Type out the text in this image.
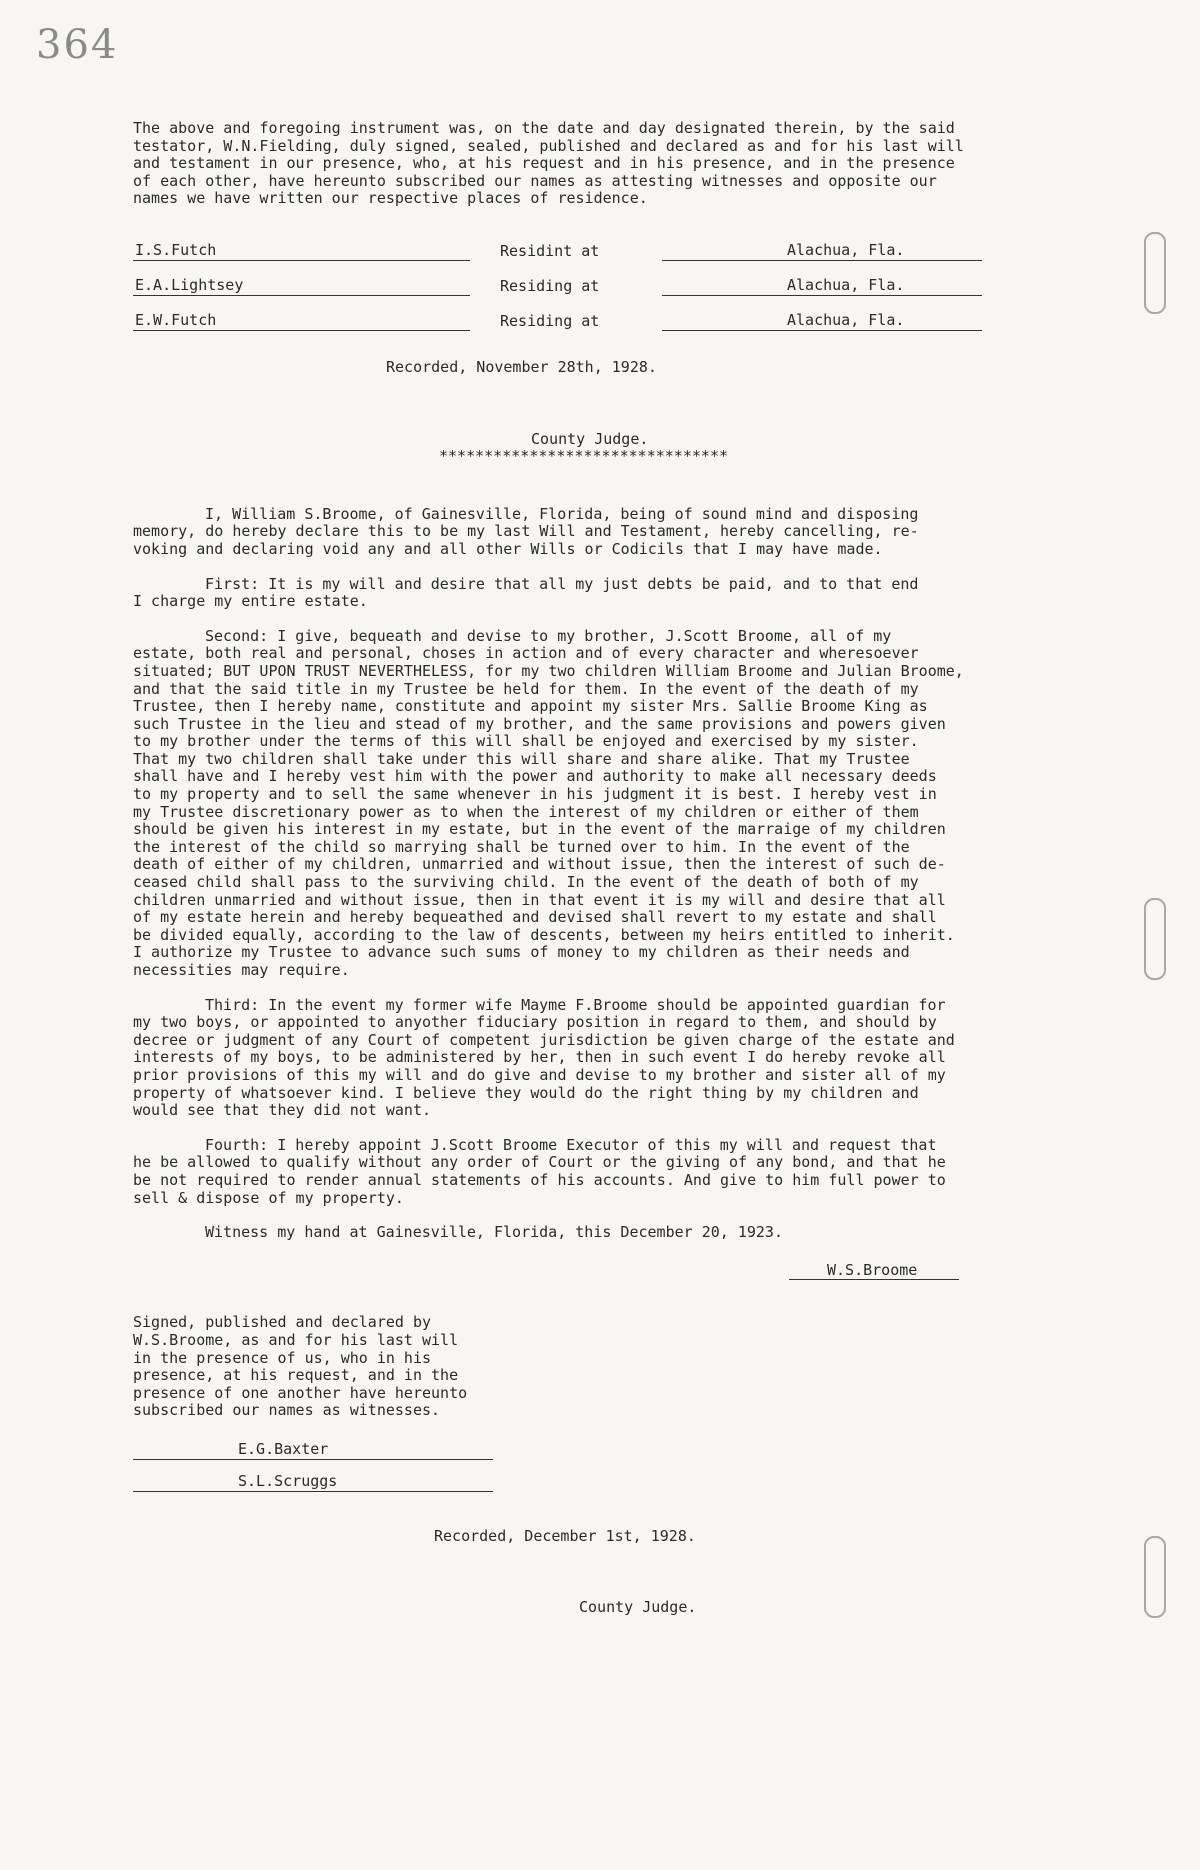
364

The above and foregoing instrument was, on the date and day designated therein, by the said
testator, W.N.Fielding, duly signed, sealed, published and declared as and for his last will
and testament in our presence, who, at his request and in his presence, and in the presence
of each other, have hereunto subscribed our names as attesting witnesses and opposite our
names we have written our respective places of residence.

I.S.Futch	Residint at	Alachua, Fla.
E.A.Lightsey	Residing at	Alachua, Fla.
E.W.Futch	Residing at	Alachua, Fla.

Recorded, November 28th, 1928.

County Judge.

********************************

I, William S.Broome, of Gainesville, Florida, being of sound mind and disposing
memory, do hereby declare this to be my last Will and Testament, hereby cancelling, re-
voking and declaring void any and all other Wills or Codicils that I may have made.

First: It is my will and desire that all my just debts be paid, and to that end
I charge my entire estate.

Second: I give, bequeath and devise to my brother, J.Scott Broome, all of my
estate, both real and personal, choses in action and of every character and wheresoever
situated; BUT UPON TRUST NEVERTHELESS, for my two children William Broome and Julian Broome,
and that the said title in my Trustee be held for them. In the event of the death of my
Trustee, then I hereby name, constitute and appoint my sister Mrs. Sallie Broome King as
such Trustee in the lieu and stead of my brother, and the same provisions and powers given
to my brother under the terms of this will shall be enjoyed and exercised by my sister.
That my two children shall take under this will share and share alike. That my Trustee
shall have and I hereby vest him with the power and authority to make all necessary deeds
to my property and to sell the same whenever in his judgment it is best. I hereby vest in
my Trustee discretionary power as to when the interest of my children or either of them
should be given his interest in my estate, but in the event of the marraige of my children
the interest of the child so marrying shall be turned over to him. In the event of the
death of either of my children, unmarried and without issue, then the interest of such de-
ceased child shall pass to the surviving child. In the event of the death of both of my
children unmarried and without issue, then in that event it is my will and desire that all
of my estate herein and hereby bequeathed and devised shall revert to my estate and shall
be divided equally, according to the law of descents, between my heirs entitled to inherit.
I authorize my Trustee to advance such sums of money to my children as their needs and
necessities may require.

Third: In the event my former wife Mayme F.Broome should be appointed guardian for
my two boys, or appointed to anyother fiduciary position in regard to them, and should by
decree or judgment of any Court of competent jurisdiction be given charge of the estate and
interests of my boys, to be administered by her, then in such event I do hereby revoke all
prior provisions of this my will and do give and devise to my brother and sister all of my
property of whatsoever kind. I believe they would do the right thing by my children and
would see that they did not want.

Fourth: I hereby appoint J.Scott Broome Executor of this my will and request that
he be allowed to qualify without any order of Court or the giving of any bond, and that he
be not required to render annual statements of his accounts. And give to him full power to
sell & dispose of my property.

Witness my hand at Gainesville, Florida, this December 20, 1923.

W.S.Broome

Signed, published and declared by
W.S.Broome, as and for his last will
in the presence of us, who in his
presence, at his request, and in the
presence of one another have hereunto
subscribed our names as witnesses.

E.G.Baxter
S.L.Scruggs

Recorded, December 1st, 1928.

County Judge.
